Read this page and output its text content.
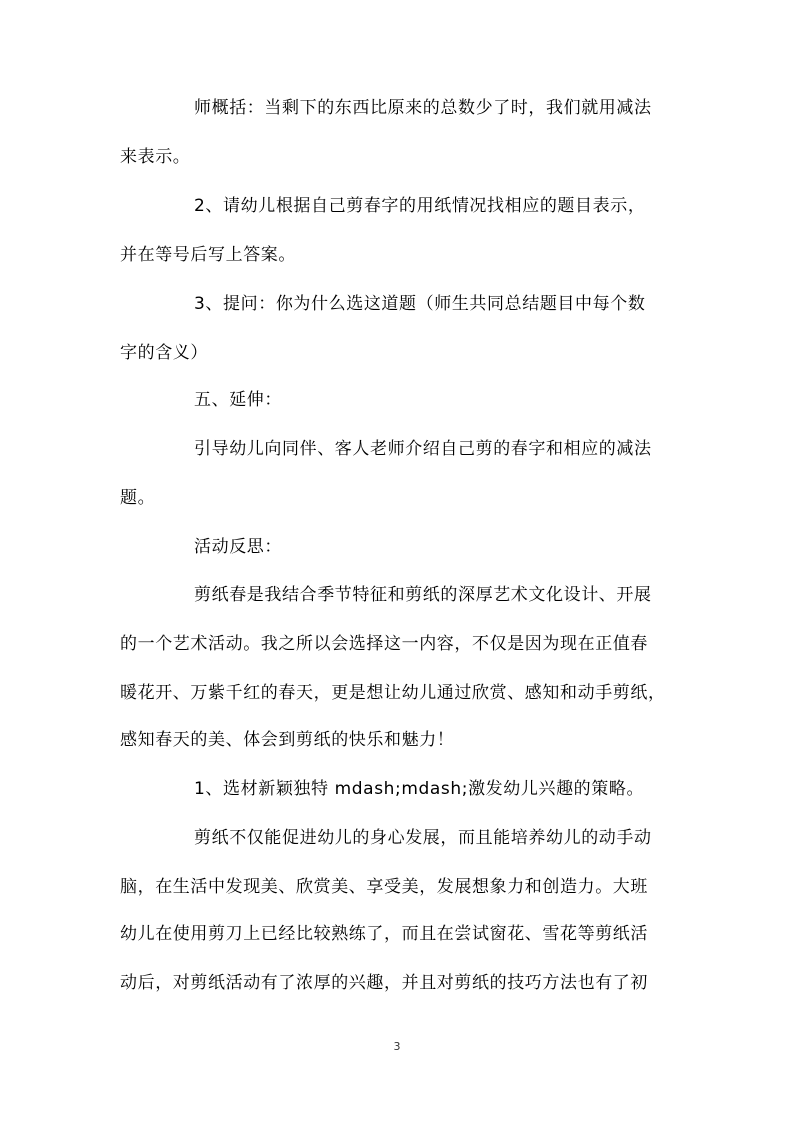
师概括：当剩下的东西比原来的总数少了时，我们就用减法
来表示。
2、请幼儿根据自己剪春字的用纸情况找相应的题目表示，
并在等号后写上答案。
3、提问：你为什么选这道题（师生共同总结题目中每个数
字的含义）
五、延伸：
引导幼儿向同伴、客人老师介绍自己剪的春字和相应的减法
题。
活动反思：
剪纸春是我结合季节特征和剪纸的深厚艺术文化设计、开展
的一个艺术活动。我之所以会选择这一内容，不仅是因为现在正值春
暖花开、万紫千红的春天，更是想让幼儿通过欣赏、感知和动手剪纸，
感知春天的美、体会到剪纸的快乐和魅力！
1、选材新颖独特 mdash;mdash;激发幼儿兴趣的策略。
剪纸不仅能促进幼儿的身心发展，而且能培养幼儿的动手动
脑，在生活中发现美、欣赏美、享受美，发展想象力和创造力。大班
幼儿在使用剪刀上已经比较熟练了，而且在尝试窗花、雪花等剪纸活
动后，对剪纸活动有了浓厚的兴趣，并且对剪纸的技巧方法也有了初
3
